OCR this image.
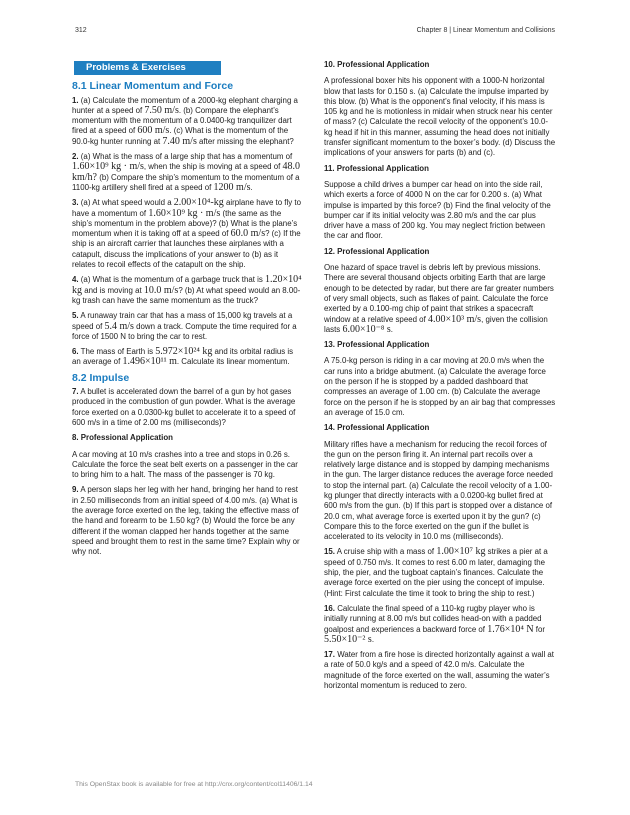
312	Chapter 8 | Linear Momentum and Collisions
Problems & Exercises
8.1 Linear Momentum and Force

1. (a) Calculate the momentum of a 2000-kg elephant charging a hunter at a speed of 7.50 m/s. (b) Compare the elephant’s momentum with the momentum of a 0.0400-kg tranquilizer dart fired at a speed of 600 m/s. (c) What is the momentum of the 90.0-kg hunter running at 7.40 m/s after missing the elephant?

2. (a) What is the mass of a large ship that has a momentum of 1.60×10⁹ kg · m/s, when the ship is moving at a speed of 48.0 km/h? (b) Compare the ship’s momentum to the momentum of a 1100-kg artillery shell fired at a speed of 1200 m/s.

3. (a) At what speed would a 2.00×10⁴-kg airplane have to fly to have a momentum of 1.60×10⁹ kg · m/s (the same as the ship’s momentum in the problem above)? (b) What is the plane’s momentum when it is taking off at a speed of 60.0 m/s? (c) If the ship is an aircraft carrier that launches these airplanes with a catapult, discuss the implications of your answer to (b) as it relates to recoil effects of the catapult on the ship.

4. (a) What is the momentum of a garbage truck that is 1.20×10⁴ kg and is moving at 10.0 m/s? (b) At what speed would an 8.00-kg trash can have the same momentum as the truck?

5. A runaway train car that has a mass of 15,000 kg travels at a speed of 5.4 m/s down a track. Compute the time required for a force of 1500 N to bring the car to rest.

6. The mass of Earth is 5.972×10²⁴ kg and its orbital radius is an average of 1.496×10¹¹ m. Calculate its linear momentum.

8.2 Impulse

7. A bullet is accelerated down the barrel of a gun by hot gases produced in the combustion of gun powder. What is the average force exerted on a 0.0300-kg bullet to accelerate it to a speed of 600 m/s in a time of 2.00 ms (milliseconds)?

8. Professional Application

A car moving at 10 m/s crashes into a tree and stops in 0.26 s. Calculate the force the seat belt exerts on a passenger in the car to bring him to a halt. The mass of the passenger is 70 kg.

9. A person slaps her leg with her hand, bringing her hand to rest in 2.50 milliseconds from an initial speed of 4.00 m/s. (a) What is the average force exerted on the leg, taking the effective mass of the hand and forearm to be 1.50 kg? (b) Would the force be any different if the woman clapped her hands together at the same speed and brought them to rest in the same time? Explain why or why not.

10. Professional Application

A professional boxer hits his opponent with a 1000-N horizontal blow that lasts for 0.150 s. (a) Calculate the impulse imparted by this blow. (b) What is the opponent’s final velocity, if his mass is 105 kg and he is motionless in midair when struck near his center of mass? (c) Calculate the recoil velocity of the opponent’s 10.0-kg head if hit in this manner, assuming the head does not initially transfer significant momentum to the boxer’s body. (d) Discuss the implications of your answers for parts (b) and (c).

11. Professional Application

Suppose a child drives a bumper car head on into the side rail, which exerts a force of 4000 N on the car for 0.200 s. (a) What impulse is imparted by this force? (b) Find the final velocity of the bumper car if its initial velocity was 2.80 m/s and the car plus driver have a mass of 200 kg. You may neglect friction between the car and floor.

12. Professional Application

One hazard of space travel is debris left by previous missions. There are several thousand objects orbiting Earth that are large enough to be detected by radar, but there are far greater numbers of very small objects, such as flakes of paint. Calculate the force exerted by a 0.100-mg chip of paint that strikes a spacecraft window at a relative speed of 4.00×10³ m/s, given the collision lasts 6.00×10⁻⁸ s.

13. Professional Application

A 75.0-kg person is riding in a car moving at 20.0 m/s when the car runs into a bridge abutment. (a) Calculate the average force on the person if he is stopped by a padded dashboard that compresses an average of 1.00 cm. (b) Calculate the average force on the person if he is stopped by an air bag that compresses an average of 15.0 cm.

14. Professional Application

Military rifles have a mechanism for reducing the recoil forces of the gun on the person firing it. An internal part recoils over a relatively large distance and is stopped by damping mechanisms in the gun. The larger distance reduces the average force needed to stop the internal part. (a) Calculate the recoil velocity of a 1.00-kg plunger that directly interacts with a 0.0200-kg bullet fired at 600 m/s from the gun. (b) If this part is stopped over a distance of 20.0 cm, what average force is exerted upon it by the gun? (c) Compare this to the force exerted on the gun if the bullet is accelerated to its velocity in 10.0 ms (milliseconds).

15. A cruise ship with a mass of 1.00×10⁷ kg strikes a pier at a speed of 0.750 m/s. It comes to rest 6.00 m later, damaging the ship, the pier, and the tugboat captain’s finances. Calculate the average force exerted on the pier using the concept of impulse. (Hint: First calculate the time it took to bring the ship to rest.)

16. Calculate the final speed of a 110-kg rugby player who is initially running at 8.00 m/s but collides head-on with a padded goalpost and experiences a backward force of 1.76×10⁴ N for 5.50×10⁻² s.

17. Water from a fire hose is directed horizontally against a wall at a rate of 50.0 kg/s and a speed of 42.0 m/s. Calculate the magnitude of the force exerted on the wall, assuming the water’s horizontal momentum is reduced to zero.

This OpenStax book is available for free at http://cnx.org/content/col11406/1.14
